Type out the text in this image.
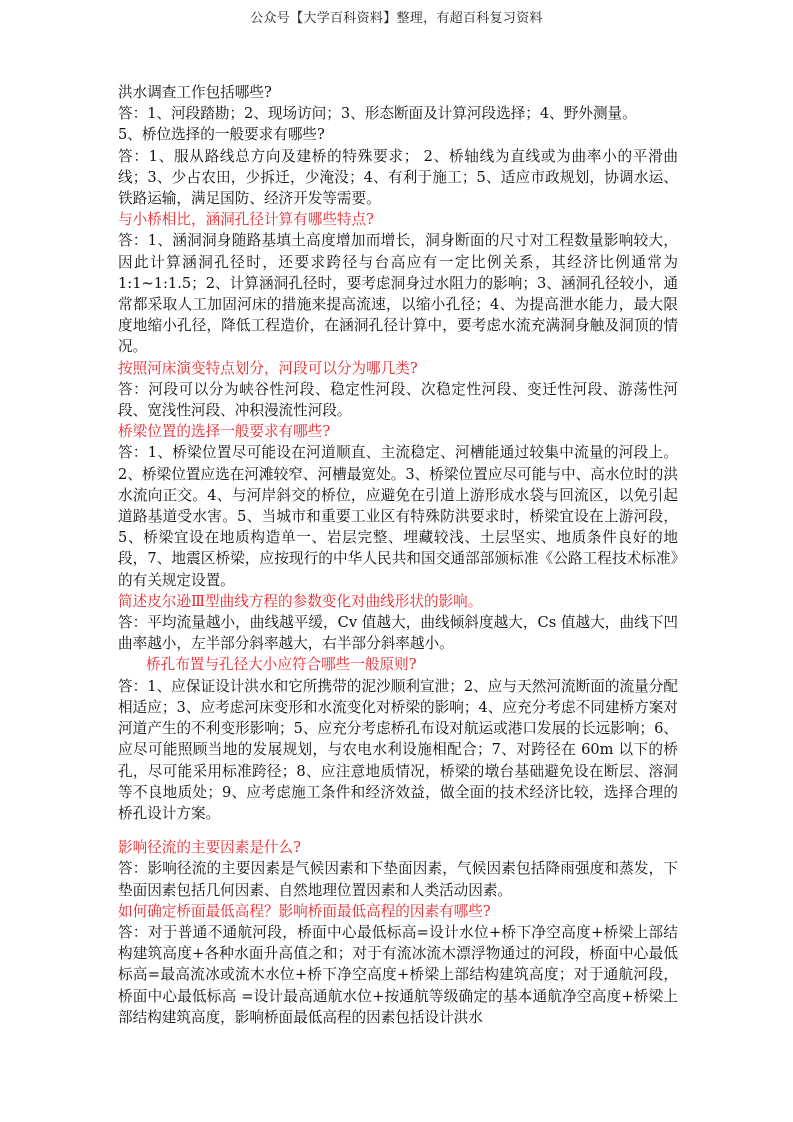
公众号【大学百科资料】整理，有超百科复习资料

洪水调查工作包括哪些?

答：1、河段踏勘；2、现场访问；3、形态断面及计算河段选择；4、野外测量。

5、桥位选择的一般要求有哪些?

答：1、服从路线总方向及建桥的特殊要求； 2、桥轴线为直线或为曲率小的平滑曲线；3、少占农田，少拆迁，少淹没；4、有利于施工；5、适应市政规划，协调水运、铁路运输，满足国防、经济开发等需要。

与小桥相比，涵洞孔径计算有哪些特点?

答：1、涵洞洞身随路基填土高度增加而增长，洞身断面的尺寸对工程数量影响较大，因此计算涵洞孔径时，还要求跨径与台高应有一定比例关系，其经济比例通常为 1:1~1:1.5；2、计算涵洞孔径时，要考虑洞身过水阻力的影响；3、涵洞孔径较小，通常都采取人工加固河床的措施来提高流速，以缩小孔径；4、为提高泄水能力，最大限度地缩小孔径，降低工程造价，在涵洞孔径计算中，要考虑水流充满洞身触及洞顶的情况。

按照河床演变特点划分，河段可以分为哪几类?

答：河段可以分为峡谷性河段、稳定性河段、次稳定性河段、变迁性河段、游荡性河段、宽浅性河段、冲积漫流性河段。

桥梁位置的选择一般要求有哪些?

答：1、桥梁位置尽可能设在河道顺直、主流稳定、河槽能通过较集中流量的河段上。2、桥梁位置应选在河滩较窄、河槽最宽处。3、桥梁位置应尽可能与中、高水位时的洪水流向正交。4、与河岸斜交的桥位，应避免在引道上游形成水袋与回流区，以免引起道路基道受水害。5、当城市和重要工业区有特殊防洪要求时，桥梁宜设在上游河段，5、桥梁宜设在地质构造单一、岩层完整、埋藏较浅、土层坚实、地质条件良好的地段，7、地震区桥梁，应按现行的中华人民共和国交通部部颁标准《公路工程技术标准》的有关规定设置。

简述皮尔逊Ⅲ型曲线方程的参数变化对曲线形状的影响。

答：平均流量越小，曲线越平缓，Cv 值越大，曲线倾斜度越大，Cs 值越大，曲线下凹曲率越小，左半部分斜率越大，右半部分斜率越小。

桥孔布置与孔径大小应符合哪些一般原则?

答：1、应保证设计洪水和它所携带的泥沙顺利宣泄；2、应与天然河流断面的流量分配相适应；3、应考虑河床变形和水流变化对桥梁的影响；4、应充分考虑不同建桥方案对河道产生的不利变形影响；5、应充分考虑桥孔布设对航运或港口发展的长远影响；6、应尽可能照顾当地的发展规划，与农电水利设施相配合；7、对跨径在 60m 以下的桥孔，尽可能采用标准跨径；8、应注意地质情况，桥梁的墩台基础避免设在断层、溶洞等不良地质处；9、应考虑施工条件和经济效益，做全面的技术经济比较，选择合理的桥孔设计方案。

影响径流的主要因素是什么?

答：影响径流的主要因素是气候因素和下垫面因素，气候因素包括降雨强度和蒸发，下垫面因素包括几何因素、自然地理位置因素和人类活动因素。

如何确定桥面最低高程？影响桥面最低高程的因素有哪些?

答：对于普通不通航河段，桥面中心最低标高=设计水位+桥下净空高度+桥梁上部结构建筑高度+各种水面升高值之和；对于有流冰流木漂浮物通过的河段，桥面中心最低标高=最高流冰或流木水位+桥下净空高度+桥梁上部结构建筑高度；对于通航河段，桥面中心最低标高 =设计最高通航水位+按通航等级确定的基本通航净空高度+桥梁上部结构建筑高度，影响桥面最低高程的因素包括设计洪水
